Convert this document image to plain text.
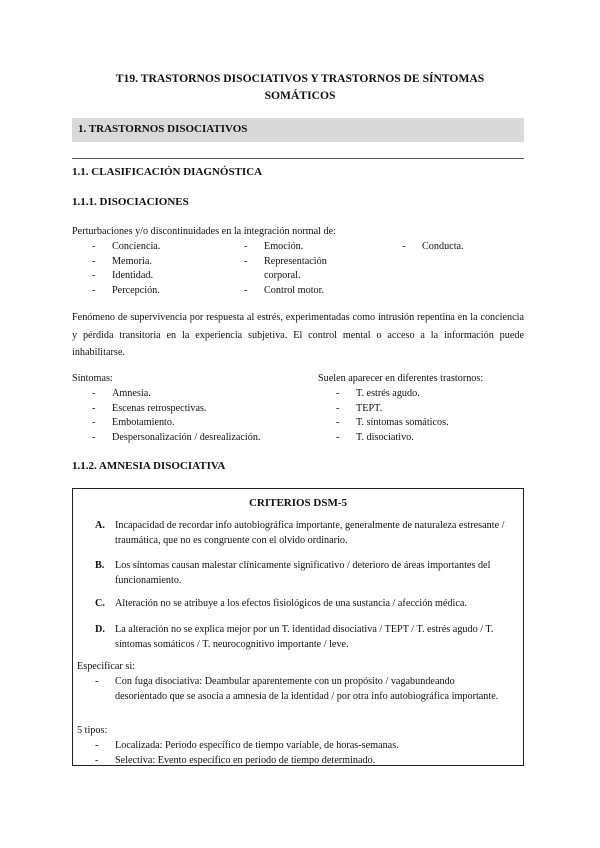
T19. TRASTORNOS DISOCIATIVOS Y TRASTORNOS DE SÍNTOMAS SOMÁTICOS
1. TRASTORNOS DISOCIATIVOS
1.1. CLASIFICACIÓN DIAGNÓSTICA
1.1.1. DISOCIACIONES
Perturbaciones y/o discontinuidades en la integración normal de:
- Conciencia.
- Memoria.
- Identidad.
- Percepción.
- Emoción.
- Representación corporal.
- Control motor.
- Conducta.
Fenómeno de supervivencia por respuesta al estrés, experimentadas como intrusión repentina en la conciencia y pérdida transitoria en la experiencia subjetiva. El control mental o acceso a la información puede inhabilitarse.
Síntomas:
- Amnesia.
- Escenas retrospectivas.
- Embotamiento.
- Despersonalización / desrealización.
Suelen aparecer en diferentes trastornos:
- T. estrés agudo.
- TEPT.
- T. síntomas somáticos.
- T. disociativo.
1.1.2. AMNESIA DISOCIATIVA
CRITERIOS DSM-5
A. Incapacidad de recordar info autobiográfica importante, generalmente de naturaleza estresante / traumática, que no es congruente con el olvido ordinario.
B. Los síntomas causan malestar clínicamente significativo / deterioro de áreas importantes del funcionamiento.
C. Alteración no se atribuye a los efectos fisiológicos de una sustancia / afección médica.
D. La alteración no se explica mejor por un T. identidad disociativa / TEPT / T. estrés agudo / T. síntomas somáticos / T. neurocognitivo importante / leve.
Especificar si:
- Con fuga disociativa: Deambular aparentemente con un propósito / vagabundeando desorientado que se asocia a amnesia de la identidad / por otra info autobiográfica importante.
5 tipos:
- Localizada: Periodo específico de tiempo variable, de horas-semanas.
- Selectiva: Evento específico en periodo de tiempo determinado.
